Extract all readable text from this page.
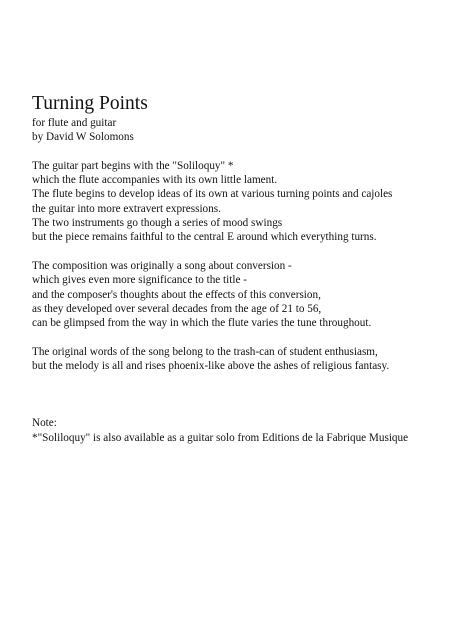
Turning Points

for flute and guitar

by David W Solomons

The guitar part begins with the "Soliloquy" *

which the flute accompanies with its own little lament.

The flute begins to develop ideas of its own at various turning points and cajoles

the guitar into more extravert expressions.

The two instruments go though a series of mood swings

but the piece remains faithful to the central E around which everything turns.

The composition was originally a song about conversion -

which gives even more significance to the title -

and the composer's thoughts about the effects of this conversion,

as they developed over several decades from the age of 21 to 56,

can be glimpsed from the way in which the flute varies the tune throughout.

The original words of the song belong to the trash-can of student enthusiasm,

but the melody is all and rises phoenix-like above the ashes of religious fantasy.

Note:

*"Soliloquy" is also available as a guitar solo from Editions de la Fabrique Musique
